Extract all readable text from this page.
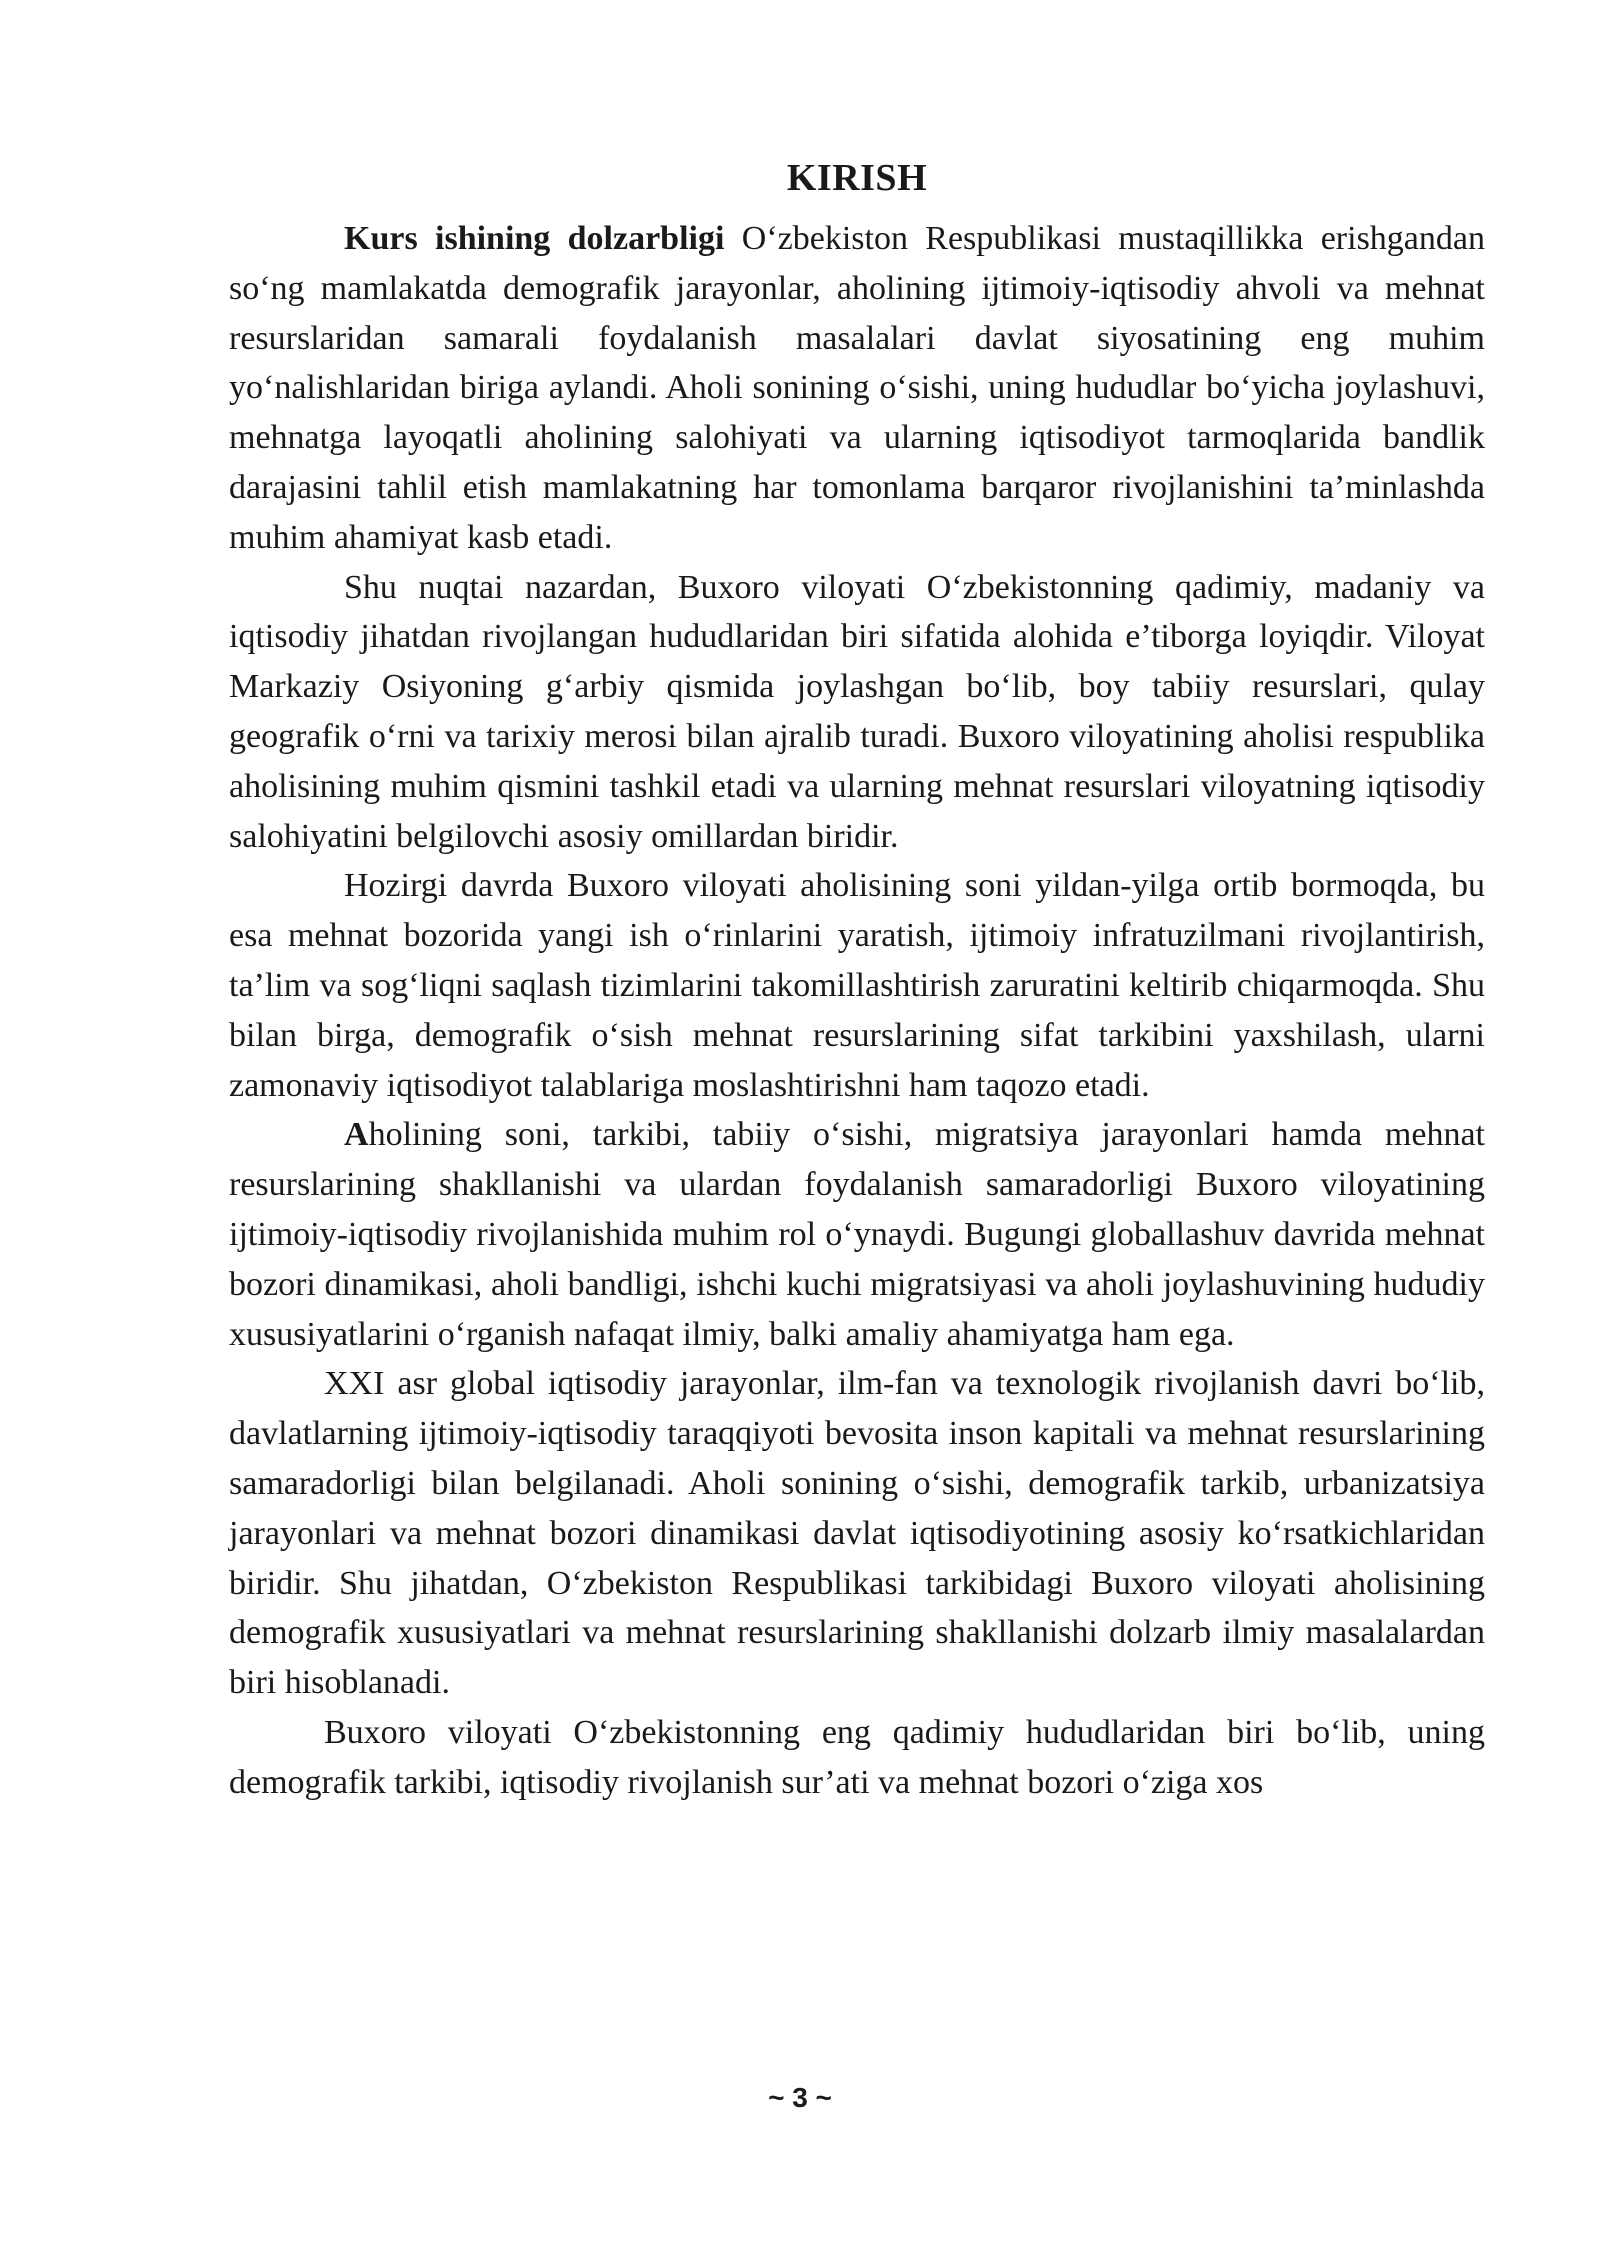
KIRISH

Kurs ishining dolzarbligi O‘zbekiston Respublikasi mustaqillikka erishgandan so‘ng mamlakatda demografik jarayonlar, aholining ijtimoiy-iqtisodiy ahvoli va mehnat resurslaridan samarali foydalanish masalalari davlat siyosatining eng muhim yo‘nalishlaridan biriga aylandi. Aholi sonining o‘sishi, uning hududlar bo‘yicha joylashuvi, mehnatga layoqatli aholining salohiyati va ularning iqtisodiyot tarmoqlarida bandlik darajasini tahlil etish mamlakatning har tomonlama barqaror rivojlanishini ta’minlashda muhim ahamiyat kasb etadi.

Shu nuqtai nazardan, Buxoro viloyati O‘zbekistonning qadimiy, madaniy va iqtisodiy jihatdan rivojlangan hududlaridan biri sifatida alohida e’tiborga loyiqdir. Viloyat Markaziy Osiyoning g‘arbiy qismida joylashgan bo‘lib, boy tabiiy resurslari, qulay geografik o‘rni va tarixiy merosi bilan ajralib turadi. Buxoro viloyatining aholisi respublika aholisining muhim qismini tashkil etadi va ularning mehnat resurslari viloyatning iqtisodiy salohiyatini belgilovchi asosiy omillardan biridir.

Hozirgi davrda Buxoro viloyati aholisining soni yildan-yilga ortib bormoqda, bu esa mehnat bozorida yangi ish o‘rinlarini yaratish, ijtimoiy infratuzilmani rivojlantirish, ta’lim va sog‘liqni saqlash tizimlarini takomillashtirish zaruratini keltirib chiqarmoqda. Shu bilan birga, demografik o‘sish mehnat resurslarining sifat tarkibini yaxshilash, ularni zamonaviy iqtisodiyot talablariga moslashtirishni ham taqozo etadi.

Aholining soni, tarkibi, tabiiy o‘sishi, migratsiya jarayonlari hamda mehnat resurslarining shakllanishi va ulardan foydalanish samaradorligi Buxoro viloyatining ijtimoiy-iqtisodiy rivojlanishida muhim rol o‘ynaydi. Bugungi globallashuv davrida mehnat bozori dinamikasi, aholi bandligi, ishchi kuchi migratsiyasi va aholi joylashuvining hududiy xususiyatlarini o‘rganish nafaqat ilmiy, balki amaliy ahamiyatga ham ega.

XXI asr global iqtisodiy jarayonlar, ilm-fan va texnologik rivojlanish davri bo‘lib, davlatlarning ijtimoiy-iqtisodiy taraqqiyoti bevosita inson kapitali va mehnat resurslarining samaradorligi bilan belgilanadi. Aholi sonining o‘sishi, demografik tarkib, urbanizatsiya jarayonlari va mehnat bozori dinamikasi davlat iqtisodiyotining asosiy ko‘rsatkichlaridan biridir. Shu jihatdan, O‘zbekiston Respublikasi tarkibidagi Buxoro viloyati aholisining demografik xususiyatlari va mehnat resurslarining shakllanishi dolzarb ilmiy masalalardan biri hisoblanadi.

Buxoro viloyati O‘zbekistonning eng qadimiy hududlaridan biri bo‘lib, uning demografik tarkibi, iqtisodiy rivojlanish sur’ati va mehnat bozori o‘ziga xos

~ 3 ~
